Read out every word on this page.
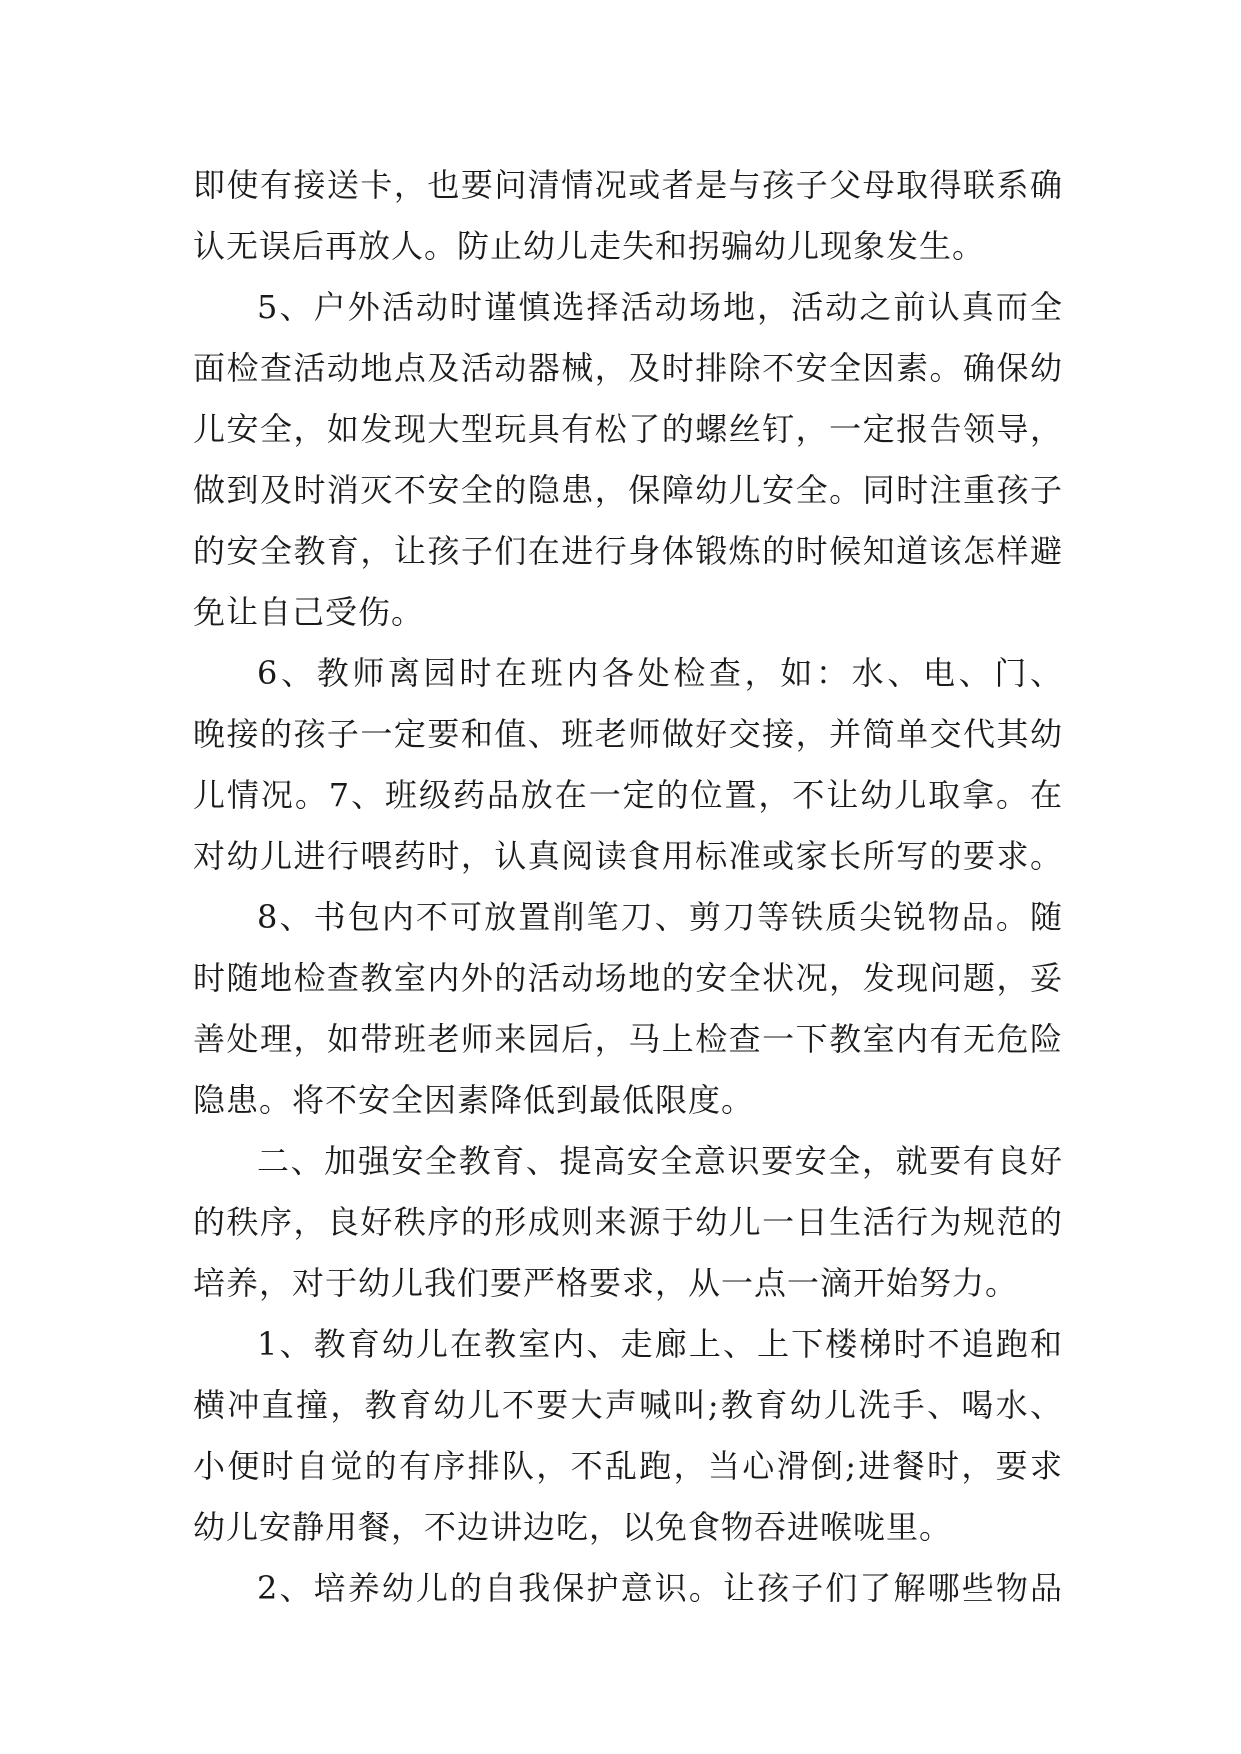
即使有接送卡，也要问清情况或者是与孩子父母取得联系确
认无误后再放人。防止幼儿走失和拐骗幼儿现象发生。
5、户外活动时谨慎选择活动场地，活动之前认真而全
面检查活动地点及活动器械，及时排除不安全因素。确保幼
儿安全，如发现大型玩具有松了的螺丝钉，一定报告领导，
做到及时消灭不安全的隐患，保障幼儿安全。同时注重孩子
的安全教育，让孩子们在进行身体锻炼的时候知道该怎样避
免让自己受伤。
6、教师离园时在班内各处检查，如：水、电、门、
晚接的孩子一定要和值、班老师做好交接，并简单交代其幼
儿情况。7、班级药品放在一定的位置，不让幼儿取拿。在
对幼儿进行喂药时，认真阅读食用标准或家长所写的要求。
8、书包内不可放置削笔刀、剪刀等铁质尖锐物品。随
时随地检查教室内外的活动场地的安全状况，发现问题，妥
善处理，如带班老师来园后，马上检查一下教室内有无危险
隐患。将不安全因素降低到最低限度。
二、加强安全教育、提高安全意识要安全，就要有良好
的秩序，良好秩序的形成则来源于幼儿一日生活行为规范的
培养，对于幼儿我们要严格要求，从一点一滴开始努力。
1、教育幼儿在教室内、走廊上、上下楼梯时不追跑和
横冲直撞，教育幼儿不要大声喊叫;教育幼儿洗手、喝水、
小便时自觉的有序排队，不乱跑，当心滑倒;进餐时，要求
幼儿安静用餐，不边讲边吃，以免食物吞进喉咙里。
2、培养幼儿的自我保护意识。让孩子们了解哪些物品
